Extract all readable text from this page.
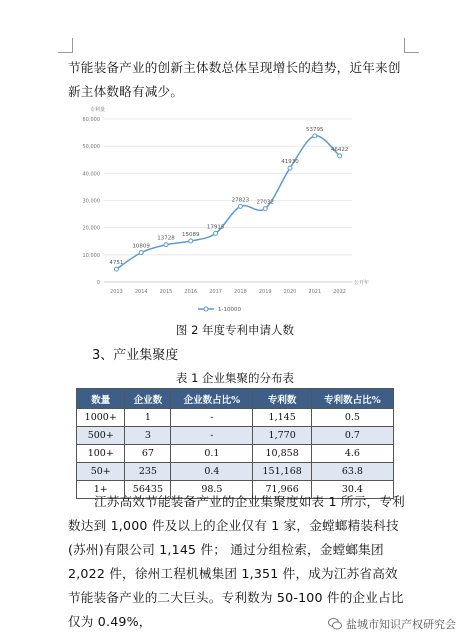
节能装备产业的创新主体数总体呈现增长的趋势，近年来创新主体数略有减少。
0
10,000
20,000
30,000
40,000
50,000
60,000
专利量
公开年
2013 2014 2015 2016 2017 2018 2019 2020 2021 2022
4751
10809
13728
15089
17915
27823 27032
41930
53795
46422
1-10000
图 2 年度专利申请人数
3、产业集聚度
表 1 企业集聚的分布表
数量	企业数	企业数占比%	专利数	专利数占比%
1000+	1	-	1,145	0.5
500+	3	-	1,770	0.7
100+	67	0.1	10,858	4.6
50+	235	0.4	151,168	63.8
1+	56435	98.5	71,966	30.4
江苏高效节能装备产业的企业集聚度如表 1 所示，专利数达到 1,000 件及以上的企业仅有 1 家，金螳螂精装科技(苏州)有限公司 1,145 件； 通过分组检索，金螳螂集团 2,022 件，徐州工程机械集团 1,351 件，成为江苏省高效节能装备产业的二大巨头。专利数为 50-100 件的企业占比仅为 0.49%，	盐城市知识产权研究会
